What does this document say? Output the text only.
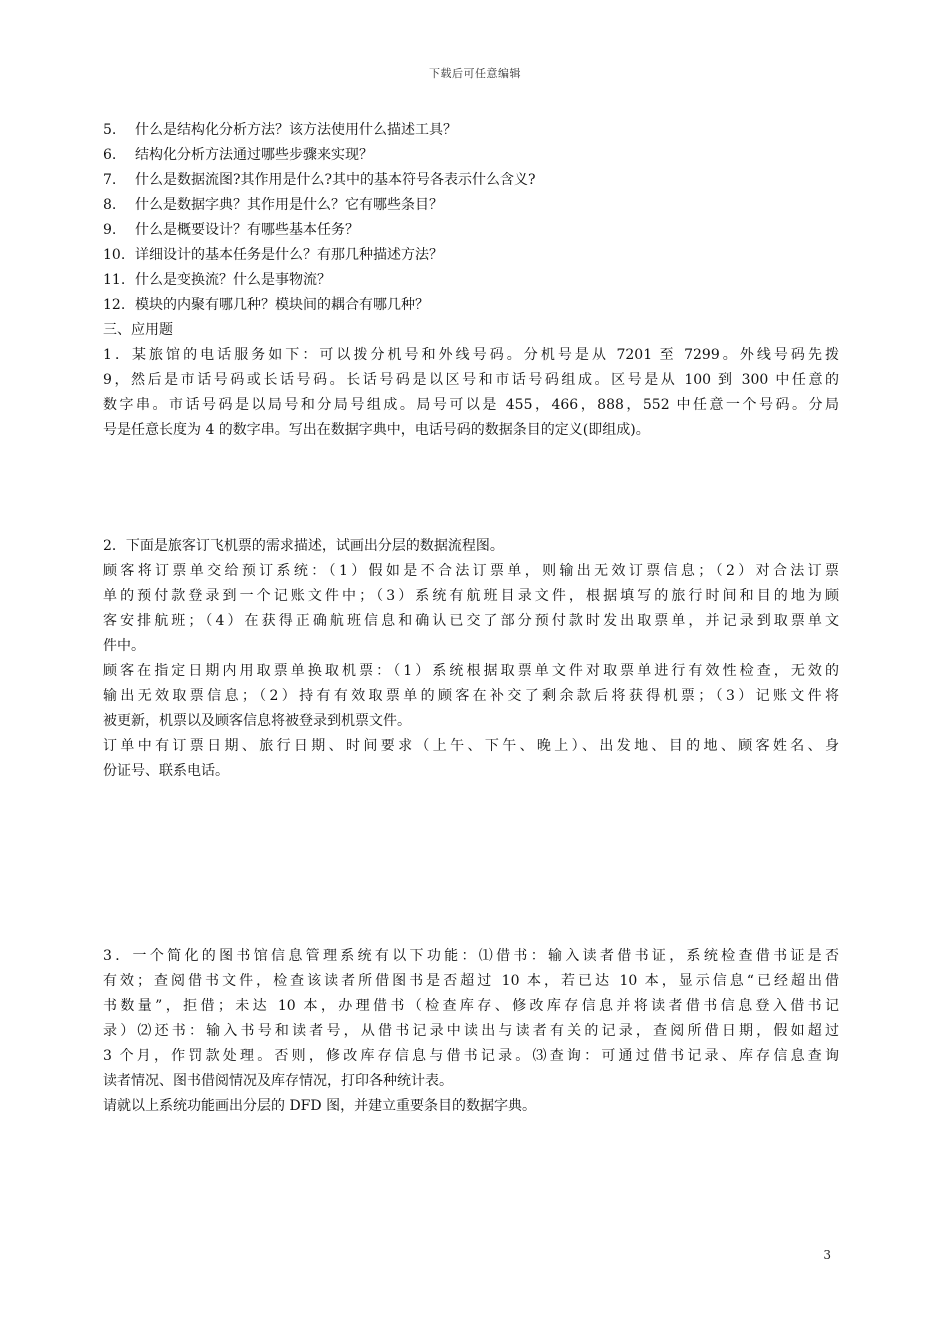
下载后可任意编辑
5. 什么是结构化分析方法？该方法使用什么描述工具？
6. 结构化分析方法通过哪些步骤来实现？
7. 什么是数据流图?其作用是什么?其中的基本符号各表示什么含义?
8. 什么是数据字典？其作用是什么？它有哪些条目？
9. 什么是概要设计？有哪些基本任务？
10. 详细设计的基本任务是什么？有那几种描述方法？
11. 什么是变换流？什么是事物流？
12. 模块的内聚有哪几种？模块间的耦合有哪几种？
三、应用题
1．某旅馆的电话服务如下：可以拨分机号和外线号码。分机号是从 7201 至 7299。外线号码先拨
9，然后是市话号码或长话号码。长话号码是以区号和市话号码组成。区号是从 100 到 300 中任意的
数字串。市话号码是以局号和分局号组成。局号可以是 455，466，888，552 中任意一个号码。分局
号是任意长度为 4 的数字串。写出在数据字典中，电话号码的数据条目的定义(即组成)。
2．下面是旅客订飞机票的需求描述，试画出分层的数据流程图。
顾客将订票单交给预订系统：（1）假如是不合法订票单，则输出无效订票信息；（2）对合法订票
单的预付款登录到一个记账文件中；（3）系统有航班目录文件，根据填写的旅行时间和目的地为顾
客安排航班；（4）在获得正确航班信息和确认已交了部分预付款时发出取票单，并记录到取票单文
件中。
顾客在指定日期内用取票单换取机票：（1）系统根据取票单文件对取票单进行有效性检查，无效的
输出无效取票信息；（2）持有有效取票单的顾客在补交了剩余款后将获得机票；（3）记账文件将
被更新，机票以及顾客信息将被登录到机票文件。
订单中有订票日期、旅行日期、时间要求（上午、下午、晚上）、出发地、目的地、顾客姓名、身
份证号、联系电话。
3．一个简化的图书馆信息管理系统有以下功能：⑴借书：输入读者借书证，系统检查借书证是否
有效；查阅借书文件，检查该读者所借图书是否超过 10 本，若已达 10 本，显示信息“已经超出借
书数量”，拒借；未达 10 本，办理借书（检查库存、修改库存信息并将读者借书信息登入借书记
录）⑵还书：输入书号和读者号，从借书记录中读出与读者有关的记录，查阅所借日期，假如超过
3 个月，作罚款处理。否则，修改库存信息与借书记录。⑶查询：可通过借书记录、库存信息查询
读者情况、图书借阅情况及库存情况，打印各种统计表。
请就以上系统功能画出分层的 DFD 图，并建立重要条目的数据字典。
3
